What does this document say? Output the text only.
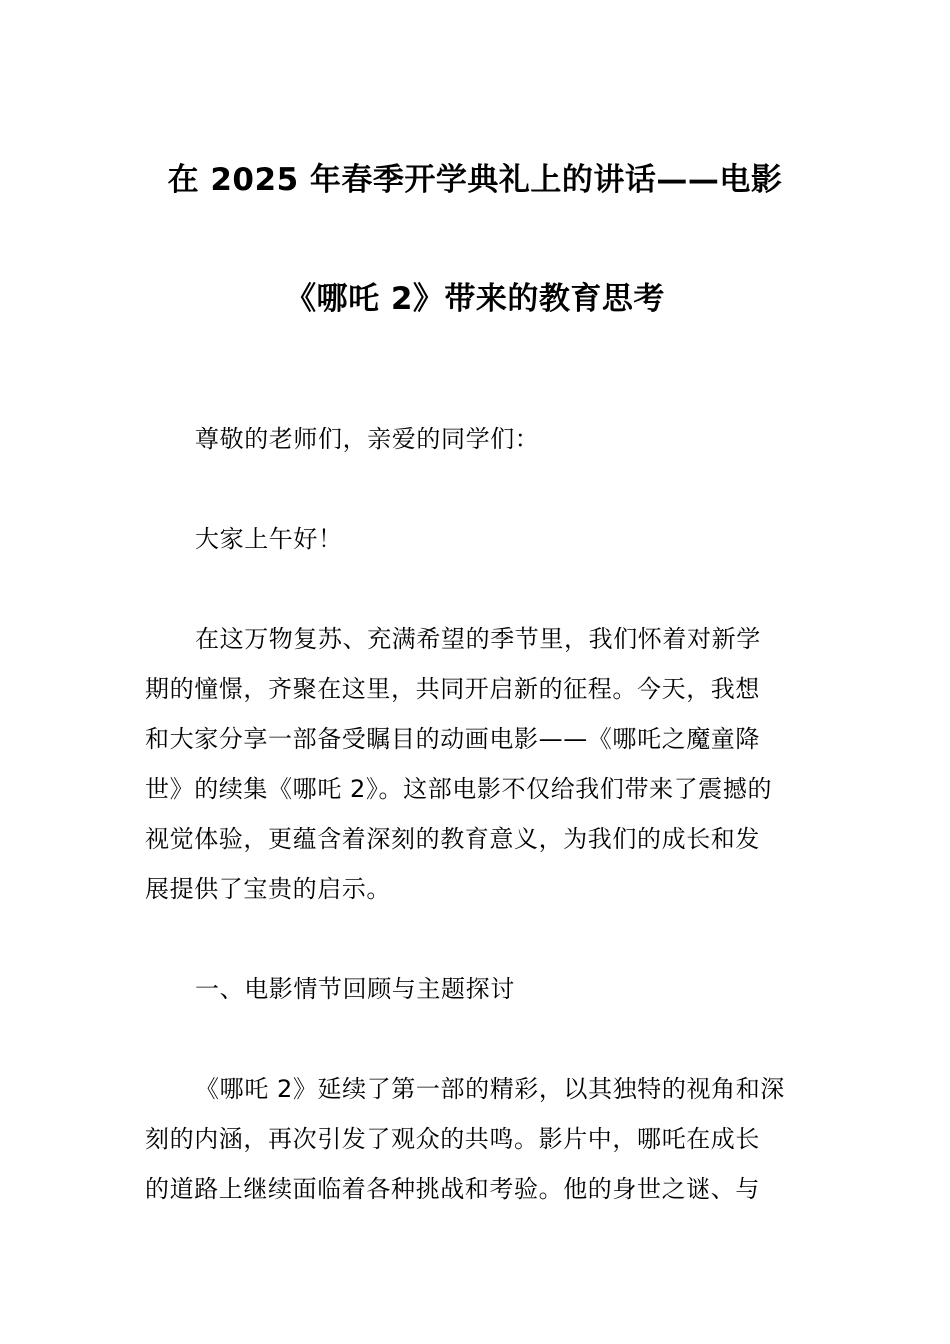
在 2025 年春季开学典礼上的讲话——电影
《哪吒 2》带来的教育思考
尊敬的老师们，亲爱的同学们：
大家上午好！
在这万物复苏、充满希望的季节里，我们怀着对新学
期的憧憬，齐聚在这里，共同开启新的征程。今天，我想
和大家分享一部备受瞩目的动画电影——《哪吒之魔童降
世》的续集《哪吒 2》。这部电影不仅给我们带来了震撼的
视觉体验，更蕴含着深刻的教育意义，为我们的成长和发
展提供了宝贵的启示。
一、电影情节回顾与主题探讨
《哪吒 2》延续了第一部的精彩，以其独特的视角和深
刻的内涵，再次引发了观众的共鸣。影片中，哪吒在成长
的道路上继续面临着各种挑战和考验。他的身世之谜、与
